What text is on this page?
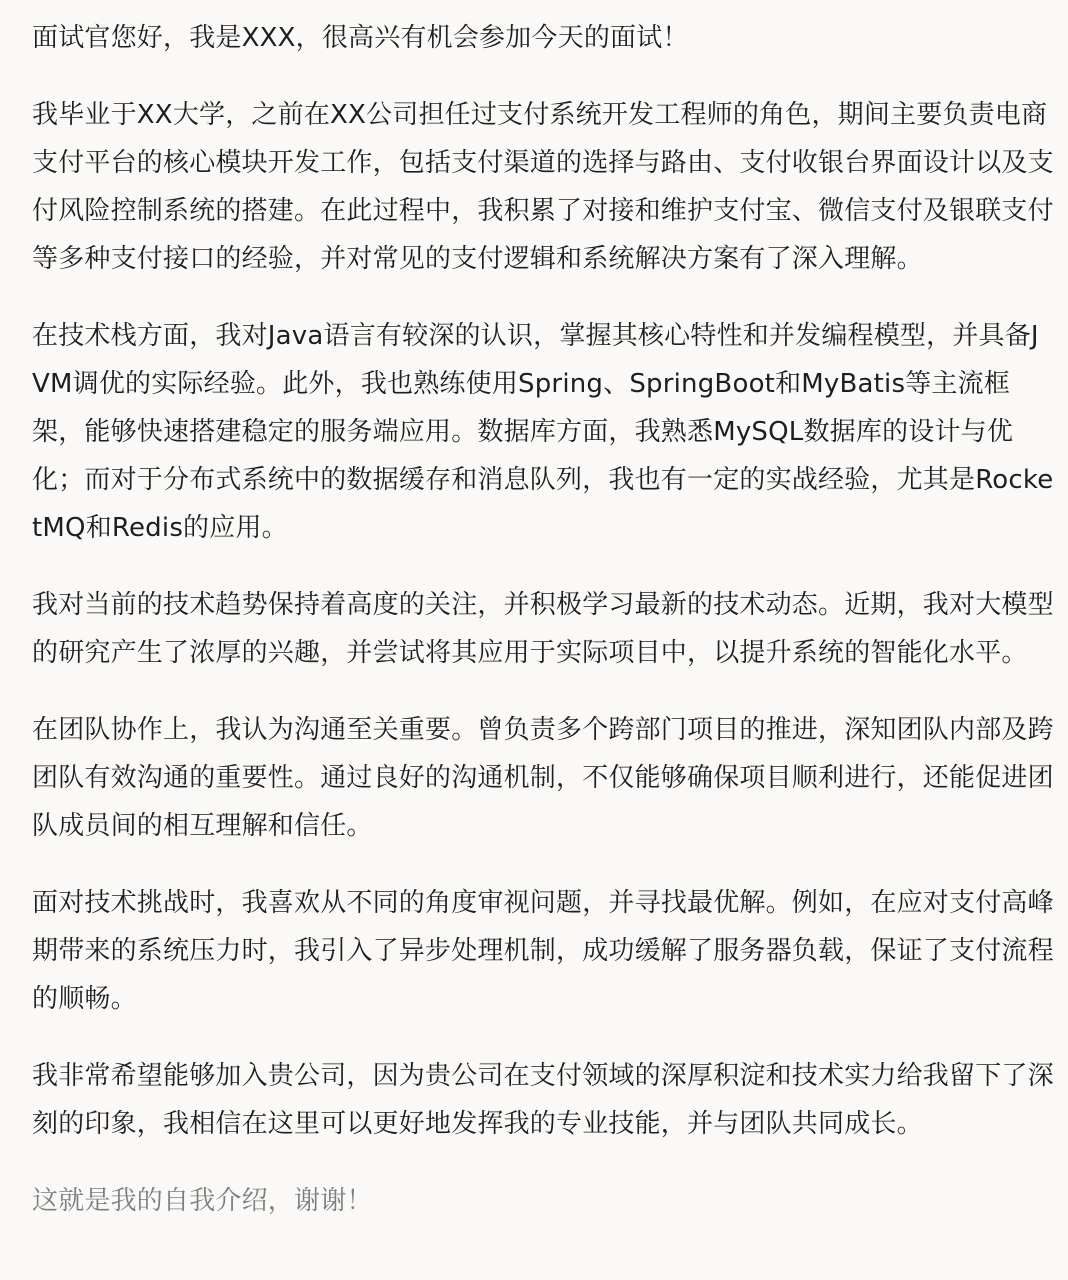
面试官您好，我是XXX，很高兴有机会参加今天的面试！

我毕业于XX大学，之前在XX公司担任过支付系统开发工程师的角色，期间主要负责电商支付平台的核心模块开发工作，包括支付渠道的选择与路由、支付收银台界面设计以及支付风险控制系统的搭建。在此过程中，我积累了对接和维护支付宝、微信支付及银联支付等多种支付接口的经验，并对常见的支付逻辑和系统解决方案有了深入理解。

在技术栈方面，我对Java语言有较深的认识，掌握其核心特性和并发编程模型，并具备JVM调优的实际经验。此外，我也熟练使用Spring、SpringBoot和MyBatis等主流框架，能够快速搭建稳定的服务端应用。数据库方面，我熟悉MySQL数据库的设计与优化；而对于分布式系统中的数据缓存和消息队列，我也有一定的实战经验，尤其是RocketMQ和Redis的应用。

我对当前的技术趋势保持着高度的关注，并积极学习最新的技术动态。近期，我对大模型的研究产生了浓厚的兴趣，并尝试将其应用于实际项目中，以提升系统的智能化水平。

在团队协作上，我认为沟通至关重要。曾负责多个跨部门项目的推进，深知团队内部及跨团队有效沟通的重要性。通过良好的沟通机制，不仅能够确保项目顺利进行，还能促进团队成员间的相互理解和信任。

面对技术挑战时，我喜欢从不同的角度审视问题，并寻找最优解。例如，在应对支付高峰期带来的系统压力时，我引入了异步处理机制，成功缓解了服务器负载，保证了支付流程的顺畅。

我非常希望能够加入贵公司，因为贵公司在支付领域的深厚积淀和技术实力给我留下了深刻的印象，我相信在这里可以更好地发挥我的专业技能，并与团队共同成长。

这就是我的自我介绍，谢谢！
